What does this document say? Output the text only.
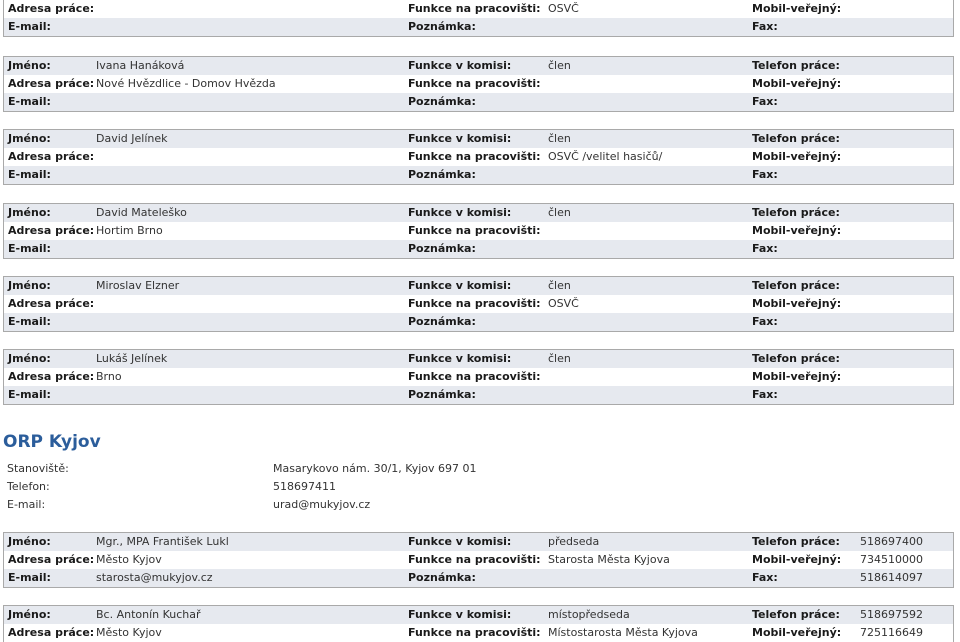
Adresa práce:	Funkce na pracovišti: OSVČ	Mobil-veřejný:
E-mail:	Poznámka:	Fax:
Jméno:	Ivana Hanáková	Funkce v komisi:	člen	Telefon práce:
Adresa práce: Nové Hvězdlice - Domov Hvězda	Funkce na pracovišti:	Mobil-veřejný:
E-mail:	Poznámka:	Fax:
Jméno:	David Jelínek	Funkce v komisi:	člen	Telefon práce:
Adresa práce:	Funkce na pracovišti: OSVČ /velitel hasičů/	Mobil-veřejný:
E-mail:	Poznámka:	Fax:
Jméno:	David Mateleško	Funkce v komisi:	člen	Telefon práce:
Adresa práce: Hortim Brno	Funkce na pracovišti:	Mobil-veřejný:
E-mail:	Poznámka:	Fax:
Jméno:	Miroslav Elzner	Funkce v komisi:	člen	Telefon práce:
Adresa práce:	Funkce na pracovišti: OSVČ	Mobil-veřejný:
E-mail:	Poznámka:	Fax:
Jméno:	Lukáš Jelínek	Funkce v komisi:	člen	Telefon práce:
Adresa práce: Brno	Funkce na pracovišti:	Mobil-veřejný:
E-mail:	Poznámka:	Fax:
ORP Kyjov
Stanoviště:	Masarykovo nám. 30/1, Kyjov 697 01
Telefon:	518697411
E-mail:	urad@mukyjov.cz
Jméno:	Mgr., MPA František Lukl	Funkce v komisi:	předseda	Telefon práce: 518697400
Adresa práce: Město Kyjov	Funkce na pracovišti: Starosta Města Kyjova	Mobil-veřejný: 734510000
E-mail:	starosta@mukyjov.cz	Poznámka:	Fax:	518614097
Jméno:	Bc. Antonín Kuchař	Funkce v komisi:	místopředseda	Telefon práce: 518697592
Adresa práce: Město Kyjov	Funkce na pracovišti: Místostarosta Města Kyjova	Mobil-veřejný: 725116649
